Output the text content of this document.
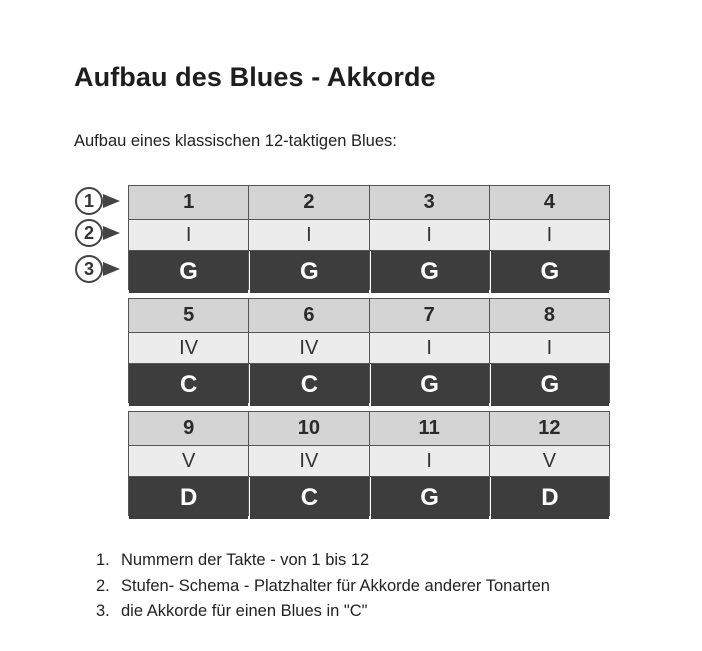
Aufbau des Blues - Akkorde

Aufbau eines klassischen 12-taktigen Blues:

1
2
3
1	2	3	4
I	I	I	I
G	G	G	G
5	6	7	8
IV	IV	I	I
C	C	G	G
9	10	11	12
V	IV	I	V
D	C	G	D
1. Nummern der Takte - von 1 bis 12
2. Stufen- Schema - Platzhalter für Akkorde anderer Tonarten
3. die Akkorde für einen Blues in "C"
